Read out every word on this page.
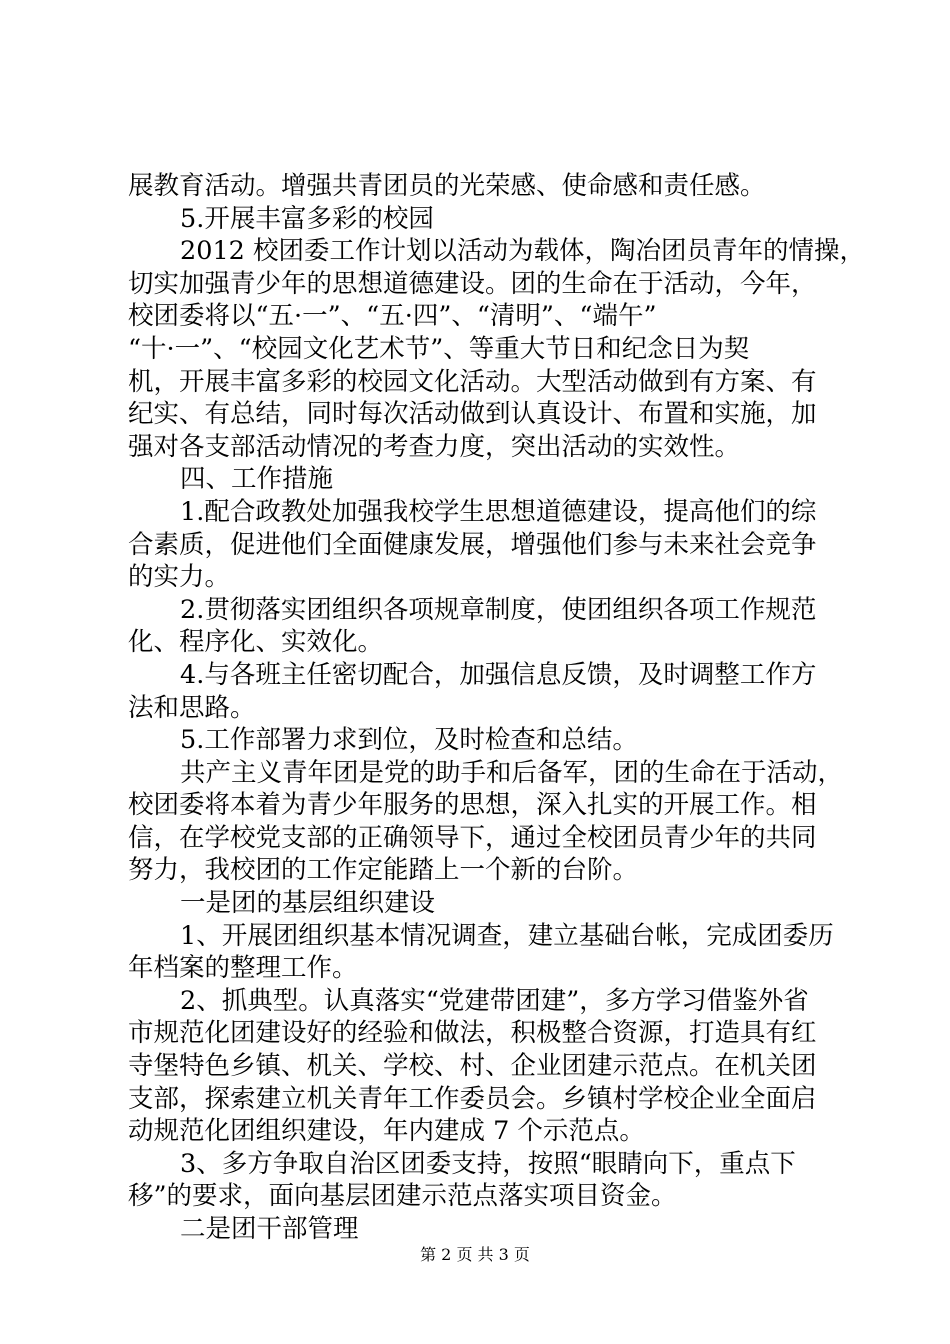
展教育活动。增强共青团员的光荣感、使命感和责任感。
5.开展丰富多彩的校园
2012 校团委工作计划以活动为载体，陶冶团员青年的情操，
切实加强青少年的思想道德建设。团的生命在于活动，今年，
校团委将以“五·一”、“五·四”、“清明”、“端午”
“十·一”、“校园文化艺术节”、等重大节日和纪念日为契
机，开展丰富多彩的校园文化活动。大型活动做到有方案、有
纪实、有总结，同时每次活动做到认真设计、布置和实施，加
强对各支部活动情况的考查力度，突出活动的实效性。
四、工作措施
1.配合政教处加强我校学生思想道德建设，提高他们的综
合素质，促进他们全面健康发展，增强他们参与未来社会竞争
的实力。
2.贯彻落实团组织各项规章制度，使团组织各项工作规范
化、程序化、实效化。
4.与各班主任密切配合，加强信息反馈，及时调整工作方
法和思路。
5.工作部署力求到位，及时检查和总结。
共产主义青年团是党的助手和后备军，团的生命在于活动，
校团委将本着为青少年服务的思想，深入扎实的开展工作。相
信，在学校党支部的正确领导下，通过全校团员青少年的共同
努力，我校团的工作定能踏上一个新的台阶。
一是团的基层组织建设
1、开展团组织基本情况调查，建立基础台帐，完成团委历
年档案的整理工作。
2、抓典型。认真落实“党建带团建”，多方学习借鉴外省
市规范化团建设好的经验和做法，积极整合资源，打造具有红
寺堡特色乡镇、机关、学校、村、企业团建示范点。在机关团
支部，探索建立机关青年工作委员会。乡镇村学校企业全面启
动规范化团组织建设，年内建成 7 个示范点。
3、多方争取自治区团委支持，按照“眼睛向下，重点下
移”的要求，面向基层团建示范点落实项目资金。
二是团干部管理
第 2 页 共 3 页
